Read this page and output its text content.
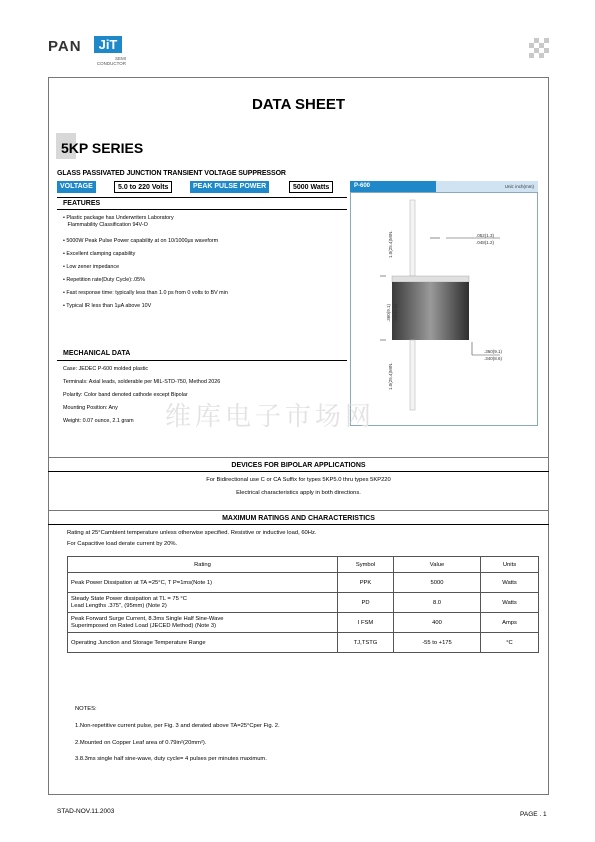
PAN	JiT
SEMI
CONDUCTOR
DATA SHEET
5KP SERIES
GLASS PASSIVATED JUNCTION TRANSIENT VOLTAGE SUPPRESSOR
VOLTAGE	5.0 to 220 Volts	PEAK PULSE POWER	5000 Watts	P-600	Unit: inch(mm)
1.0(25.4)MIN.	.052(1.3)
.048(1.2)
.360(9.1) .340(8.6)
.360(9.1)
.340(8.6)
1.0(25.4)MIN.
FEATURES
• Plastic package has Underwriters Laboratory
Flammability Classification 94V-O
• 5000W Peak Pulse Power capability at on 10/1000μs waveform
• Excellent clamping capability
• Low zener impedance
• Repetition rate(Duty Cycle):.05%
• Fast response time: typically less than 1.0 ps from 0 volts to BV min
• Typical IR less than 1μA above 10V
MECHANICAL DATA
Case: JEDEC P-600 molded plastic
Terminals: Axial leads, solderable per MIL-STD-750, Method 2026
Polarity: Color band denoted cathode except Bipolar
Mounting Position: Any
Weight: 0.07 ounce, 2.1 gram 维库电子市场网
DEVICES FOR BIPOLAR APPLICATIONS
For Bidirectional use C or CA Suffix for types 5KP5.0 thru types 5KP220
Electrical characteristics apply in both directions.
MAXIMUM RATINGS AND CHARACTERISTICS
Rating at 25°Cambient temperature unless otherwise specified. Resistive or inductive load, 60Hz.
For Capacitive load derate current by 20%.
Rating	Symbol	Value	Units
Peak Power Dissipation at TA =25°C, T P=1ms(Note 1)	PPK	5000	Watts
Steady State Power dissipation at TL = 75 °C
Lead Lengths .375", (95mm) (Note 2)	PD	8.0	Watts
Peak Forward Surge Current, 8.3ms Single Half Sine-Wave
Superimposed on Rated Load (JECED Method) (Note 3)	I FSM	400	Amps
Operating Junction and Storage Temperature Range	TJ,TSTG	-55 to +175	°C
NOTES:
1.Non-repetitive current pulse, per Fig. 3 and derated above TA=25°Cper Fig. 2.
2.Mounted on Copper Leaf area of 0.79in²(20mm²).
3.8.3ms single half sine-wave, duty cycle= 4 pulses per minutes maximum.
STAD-NOV.11.2003	PAGE . 1
